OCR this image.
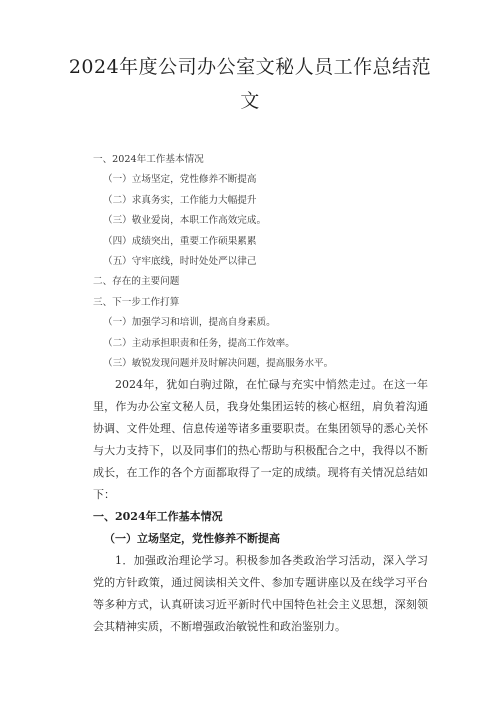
2024年度公司办公室文秘人员工作总结范文
一、2024年工作基本情况
（一）立场坚定，党性修养不断提高
（二）求真务实，工作能力大幅提升
（三）敬业爱岗，本职工作高效完成。
（四）成绩突出，重要工作硕果累累
（五）守牢底线，时时处处严以律己
二、存在的主要问题
三、下一步工作打算
（一）加强学习和培训，提高自身素质。
（二）主动承担职责和任务，提高工作效率。
（三）敏锐发现问题并及时解决问题，提高服务水平。

2024年，犹如白驹过隙，在忙碌与充实中悄然走过。在这一年里，作为办公室文秘人员，我身处集团运转的核心枢纽，肩负着沟通协调、文件处理、信息传递等诸多重要职责。在集团领导的悉心关怀与大力支持下，以及同事们的热心帮助与积极配合之中，我得以不断成长，在工作的各个方面都取得了一定的成绩。现将有关情况总结如下：

一、2024年工作基本情况

（一）立场坚定，党性修养不断提高

1．加强政治理论学习。积极参加各类政治学习活动，深入学习党的方针政策，通过阅读相关文件、参加专题讲座以及在线学习平台等多种方式，认真研读习近平新时代中国特色社会主义思想，深刻领会其精神实质，不断增强政治敏锐性和政治鉴别力。
